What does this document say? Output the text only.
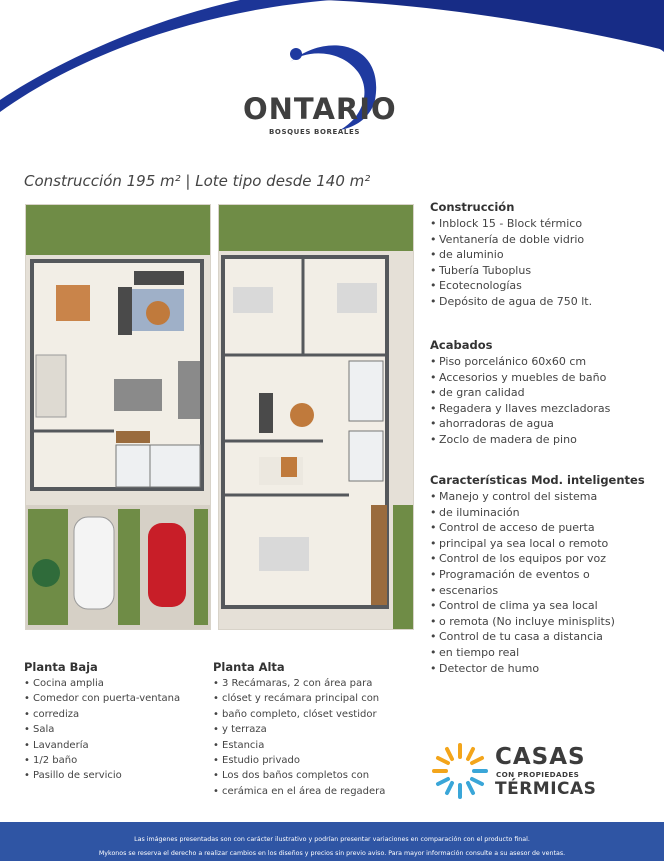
ONTARIO
BOSQUES BOREALES
Construcción 195 m² | Lote tipo desde 140 m²
Construcción
• Inblock 15 - Block térmico
• Ventanería de doble vidrio
• de aluminio
• Tubería Tuboplus
• Ecotecnologías
• Depósito de agua de 750 lt.
Acabados
• Piso porcelánico 60x60 cm
• Accesorios y muebles de baño
• de gran calidad
• Regadera y llaves mezcladoras
• ahorradoras de agua
• Zoclo de madera de pino
Características Mod. inteligentes
• Manejo y control del sistema
• de iluminación
• Control de acceso de puerta
• principal ya sea local o remoto
• Control de los equipos por voz
• Programación de eventos o
• escenarios
• Control de clima ya sea local
• o remota (No incluye minisplits)
• Control de tu casa a distancia
• en tiempo real
• Detector de humo
Planta Baja
• Cocina amplia
• Comedor con puerta-ventana
• corrediza
• Sala
• Lavandería
• 1/2 baño
• Pasillo de servicio
Planta Alta
• 3 Recámaras, 2 con área para
• clóset y recámara principal con
• baño completo, clóset vestidor
• y terraza
• Estancia
• Estudio privado
• Los dos baños completos con
• cerámica en el área de regadera
CASAS
CON PROPIEDADES
TÉRMICAS
Las imágenes presentadas son con carácter ilustrativo y podrían presentar variaciones en comparación con el producto final.
Mykonos se reserva el derecho a realizar cambios en los diseños y precios sin previo aviso. Para mayor información consulte a su asesor de ventas.
